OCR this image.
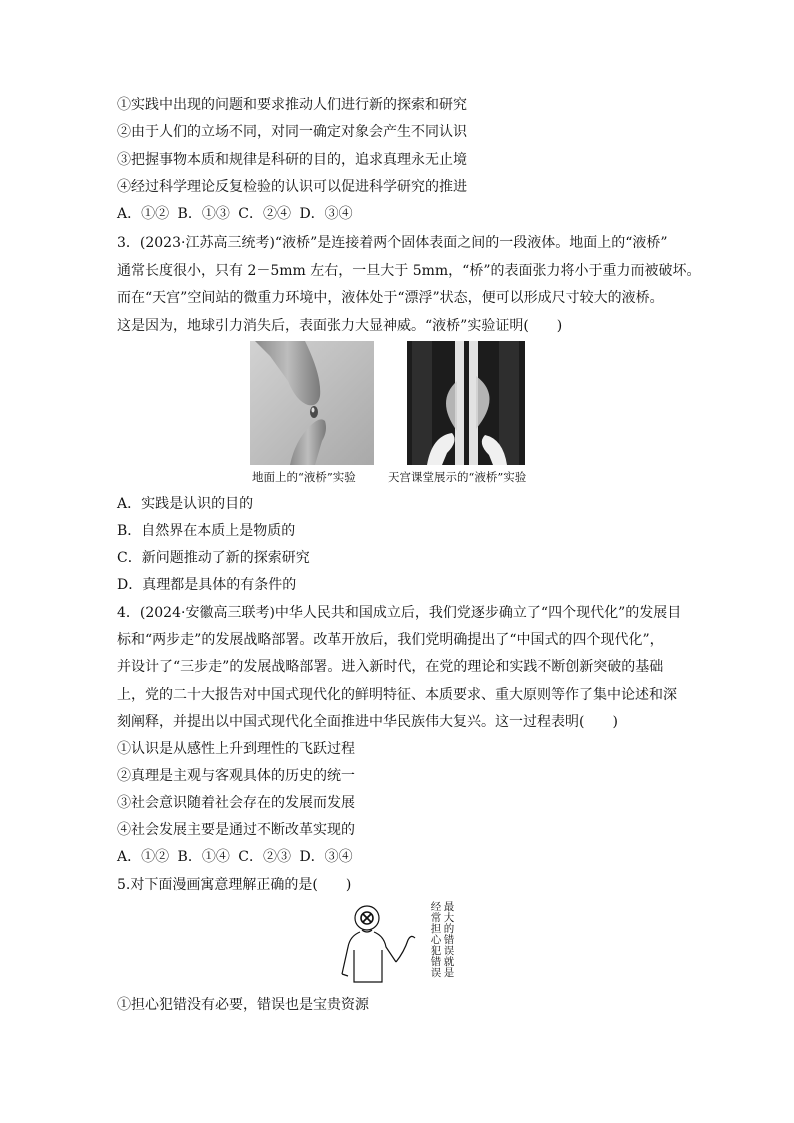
①实践中出现的问题和要求推动人们进行新的探索和研究
②由于人们的立场不同，对同一确定对象会产生不同认识
③把握事物本质和规律是科研的目的，追求真理永无止境
④经过科学理论反复检验的认识可以促进科学研究的推进
A．①② B．①③ C．②④ D．③④
3．(2023·江苏高三统考)“液桥”是连接着两个固体表面之间的一段液体。地面上的“液桥”
通常长度很小，只有 2－5mm 左右，一旦大于 5mm，“桥”的表面张力将小于重力而被破坏。
而在“天宫”空间站的微重力环境中，液体处于“漂浮”状态，便可以形成尺寸较大的液桥。
这是因为，地球引力消失后，表面张力大显神威。“液桥”实验证明(　　)
地面上的“液桥”实验	天宫课堂展示的“液桥”实验
A．实践是认识的目的
B．自然界在本质上是物质的
C．新问题推动了新的探索研究
D．真理都是具体的有条件的
4．(2024·安徽高三联考)中华人民共和国成立后，我们党逐步确立了“四个现代化”的发展目
标和“两步走”的发展战略部署。改革开放后，我们党明确提出了“中国式的四个现代化”，
并设计了“三步走”的发展战略部署。进入新时代，在党的理论和实践不断创新突破的基础
上，党的二十大报告对中国式现代化的鲜明特征、本质要求、重大原则等作了集中论述和深
刻阐释，并提出以中国式现代化全面推进中华民族伟大复兴。这一过程表明(　　)
①认识是从感性上升到理性的飞跃过程
②真理是主观与客观具体的历史的统一
③社会意识随着社会存在的发展而发展
④社会发展主要是通过不断改革实现的
A．①② B．①④ C．②③ D．③④
5.对下面漫画寓意理解正确的是(　　)
经常担心犯错误
最大的错误就是
①担心犯错没有必要，错误也是宝贵资源
